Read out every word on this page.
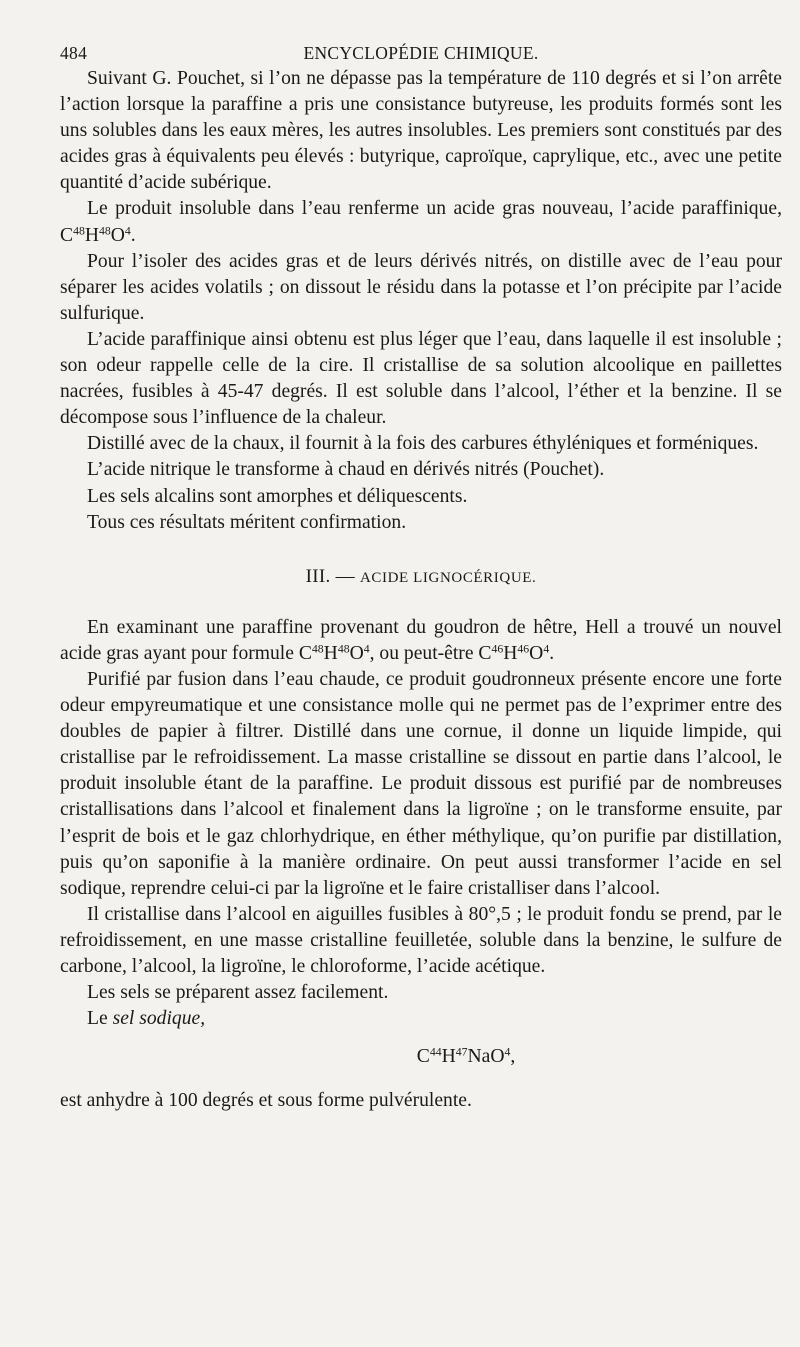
484	ENCYCLOPÉDIE CHIMIQUE.

Suivant G. Pouchet, si l’on ne dépasse pas la température de 110 degrés et si l’on arrête l’action lorsque la paraffine a pris une consistance butyreuse, les produits formés sont les uns solubles dans les eaux mères, les autres insolubles. Les premiers sont constitués par des acides gras à équivalents peu élevés : butyrique, caproïque, caprylique, etc., avec une petite quantité d’acide subérique.

Le produit insoluble dans l’eau renferme un acide gras nouveau, l’acide paraffinique, $C^{48}H^{48}O^4$.

Pour l’isoler des acides gras et de leurs dérivés nitrés, on distille avec de l’eau pour séparer les acides volatils ; on dissout le résidu dans la potasse et l’on précipite par l’acide sulfurique.

L’acide paraffinique ainsi obtenu est plus léger que l’eau, dans laquelle il est insoluble ; son odeur rappelle celle de la cire. Il cristallise de sa solution alcoolique en paillettes nacrées, fusibles à 45-47 degrés. Il est soluble dans l’alcool, l’éther et la benzine. Il se décompose sous l’influence de la chaleur.

Distillé avec de la chaux, il fournit à la fois des carbures éthyléniques et forméniques.

L’acide nitrique le transforme à chaud en dérivés nitrés (Pouchet).

Les sels alcalins sont amorphes et déliquescents.

Tous ces résultats méritent confirmation.

III. — ACIDE LIGNOCÉRIQUE.

En examinant une paraffine provenant du goudron de hêtre, Hell a trouvé un nouvel acide gras ayant pour formule $C^{48}H^{48}O^4$, ou peut-être $C^{46}H^{46}O^4$.

Purifié par fusion dans l’eau chaude, ce produit goudronneux présente encore une forte odeur empyreumatique et une consistance molle qui ne permet pas de l’exprimer entre des doubles de papier à filtrer. Distillé dans une cornue, il donne un liquide limpide, qui cristallise par le refroidissement. La masse cristalline se dissout en partie dans l’alcool, le produit insoluble étant de la paraffine. Le produit dissous est purifié par de nombreuses cristallisations dans l’alcool et finalement dans la ligroïne ; on le transforme ensuite, par l’esprit de bois et le gaz chlorhydrique, en éther méthylique, qu’on purifie par distillation, puis qu’on saponifie à la manière ordinaire. On peut aussi transformer l’acide en sel sodique, reprendre celui-ci par la ligroïne et le faire cristalliser dans l’alcool.

Il cristallise dans l’alcool en aiguilles fusibles à 80°,5 ; le produit fondu se prend, par le refroidissement, en une masse cristalline feuilletée, soluble dans la benzine, le sulfure de carbone, l’alcool, la ligroïne, le chloroforme, l’acide acétique.

Les sels se préparent assez facilement.

Le sel sodique,

$C^{44}H^{47}NaO^4$,

est anhydre à 100 degrés et sous forme pulvérulente.
